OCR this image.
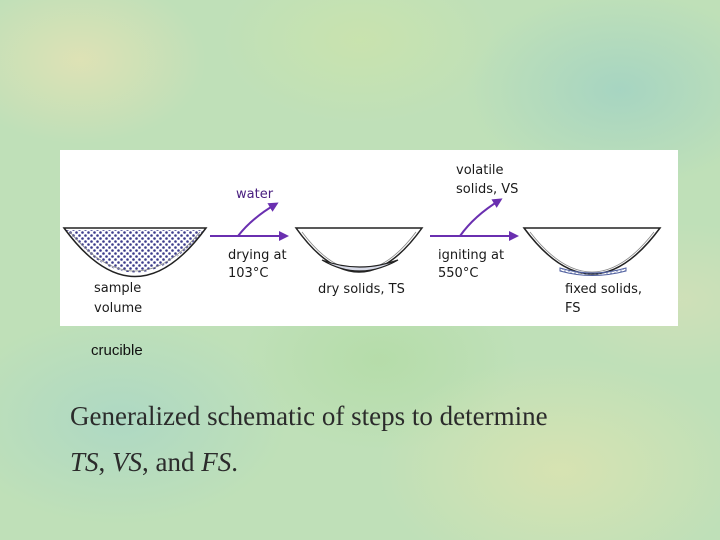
sample
volume
water
drying at
103°C
dry solids, TS
volatile
solids, VS
igniting at
550°C
fixed solids,
FS
crucible
Generalized schematic of steps to determine
TS, VS, and FS.
